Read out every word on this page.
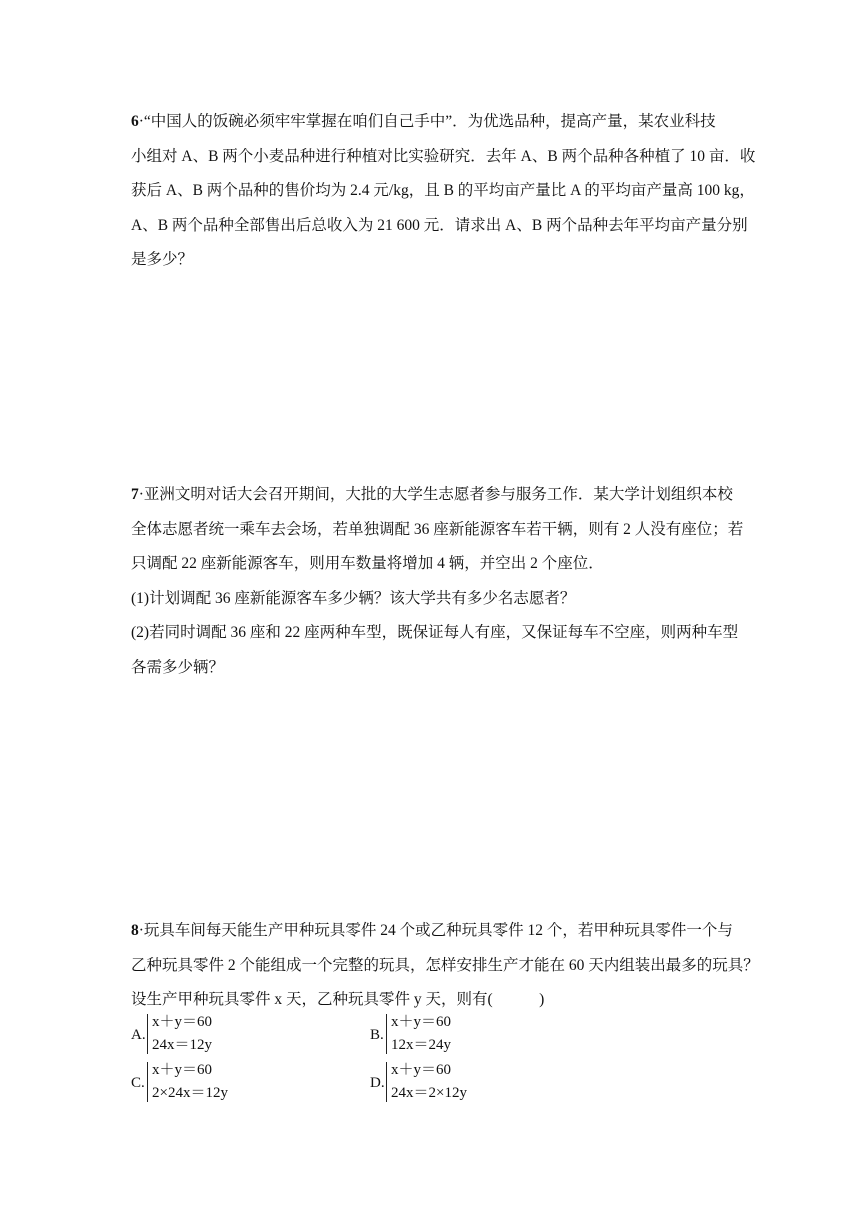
6·“中国人的饭碗必须牢牢掌握在咱们自己手中”．为优选品种，提高产量，某农业科技
小组对 A、B 两个小麦品种进行种植对比实验研究．去年 A、B 两个品种各种植了 10 亩．收
获后 A、B 两个品种的售价均为 2.4 元/kg，且 B 的平均亩产量比 A 的平均亩产量高 100 kg，
A、B 两个品种全部售出后总收入为 21 600 元．请求出 A、B 两个品种去年平均亩产量分别
是多少？
7·亚洲文明对话大会召开期间，大批的大学生志愿者参与服务工作．某大学计划组织本校
全体志愿者统一乘车去会场，若单独调配 36 座新能源客车若干辆，则有 2 人没有座位；若
只调配 22 座新能源客车，则用车数量将增加 4 辆，并空出 2 个座位．
(1)计划调配 36 座新能源客车多少辆？该大学共有多少名志愿者？
(2)若同时调配 36 座和 22 座两种车型，既保证每人有座，又保证每车不空座，则两种车型
各需多少辆？
8·玩具车间每天能生产甲种玩具零件 24 个或乙种玩具零件 12 个，若甲种玩具零件一个与
乙种玩具零件 2 个能组成一个完整的玩具，怎样安排生产才能在 60 天内组装出最多的玩具？
设生产甲种玩具零件 x 天，乙种玩具零件 y 天，则有(　　　)
A.
x＋y＝60
24x＝12y
B.
x＋y＝60
12x＝24y
C.
x＋y＝60
2×24x＝12y
D.
x＋y＝60
24x＝2×12y
